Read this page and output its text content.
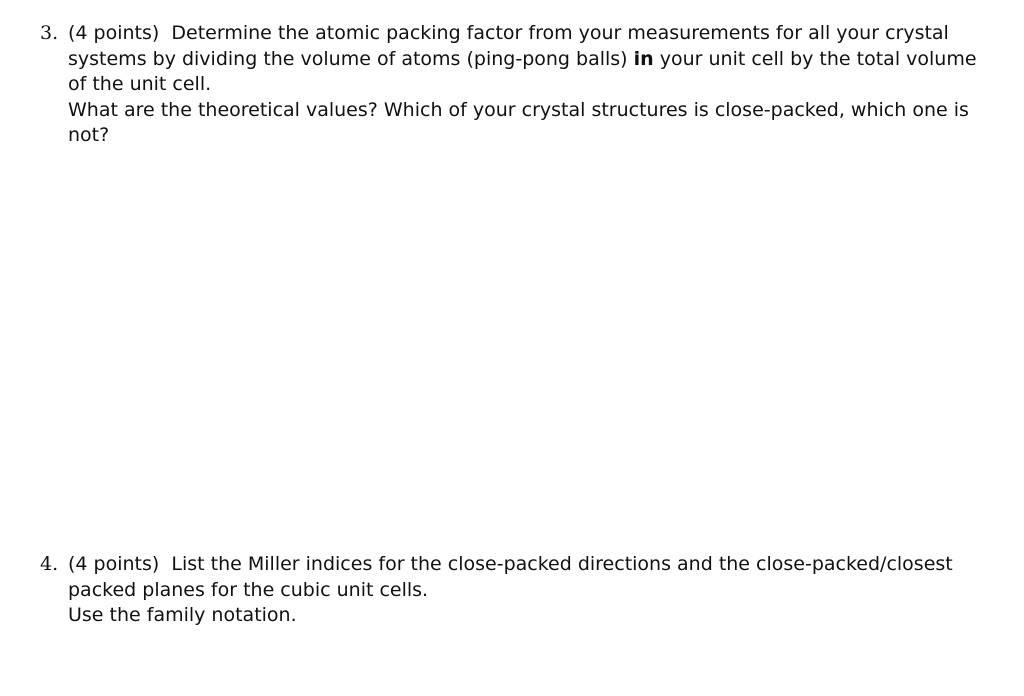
3. (4 points) Determine the atomic packing factor from your measurements for all your crystal systems by dividing the volume of atoms (ping-pong balls) in your unit cell by the total volume of the unit cell.

What are the theoretical values? Which of your crystal structures is close-packed, which one is not?

4. (4 points) List the Miller indices for the close-packed directions and the close-packed/closest packed planes for the cubic unit cells.

Use the family notation.
